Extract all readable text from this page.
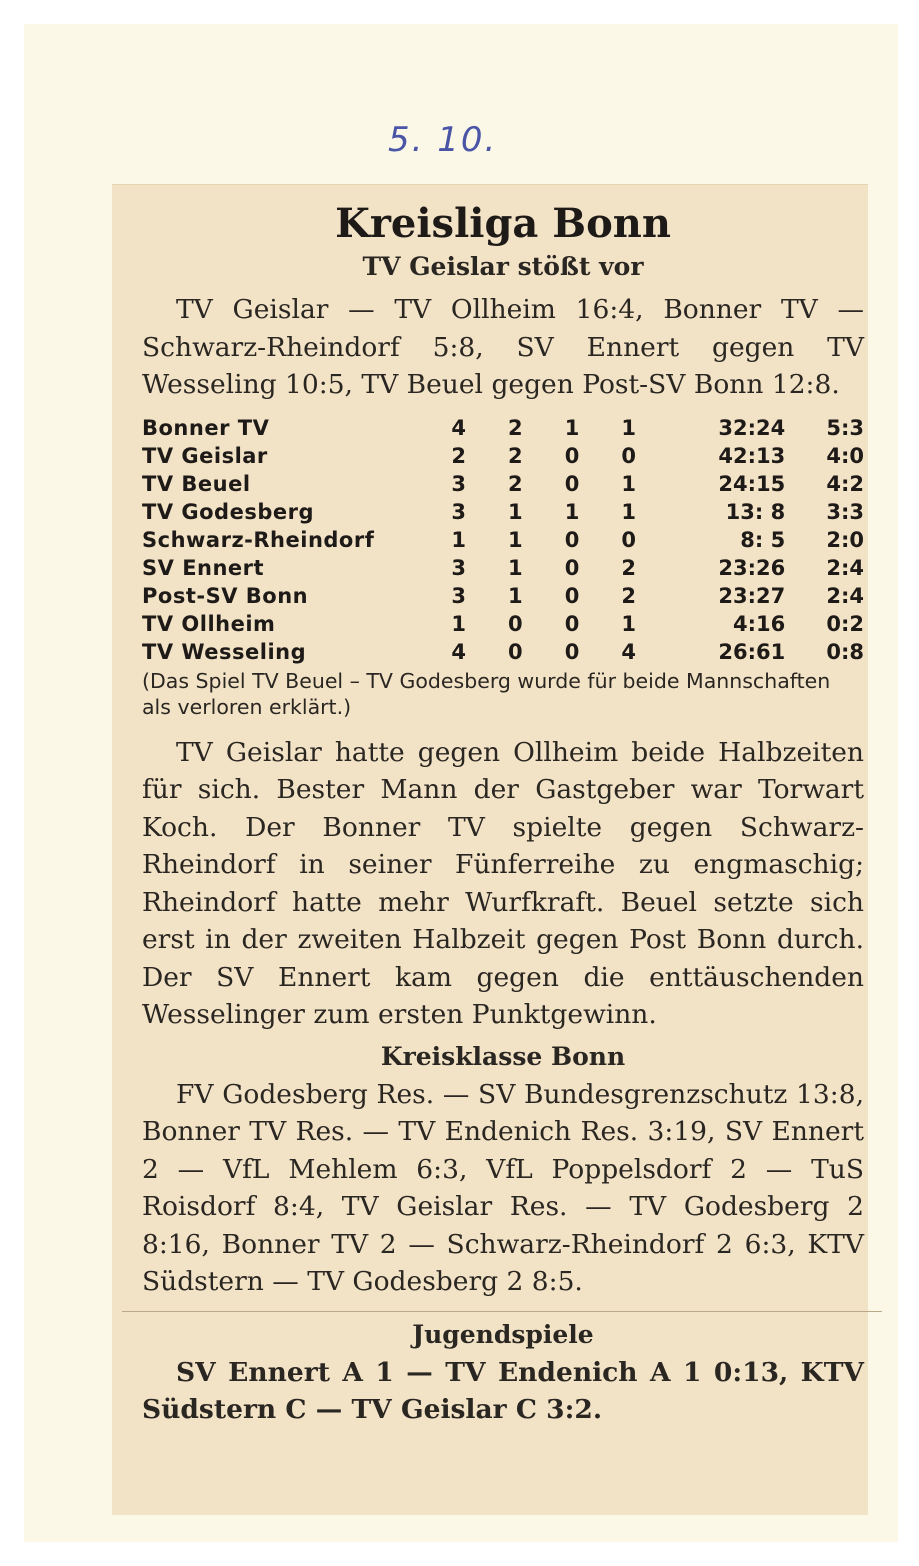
5. 10.
Kreisliga Bonn
TV Geislar stößt vor

TV Geislar — TV Ollheim 16:4, Bonner TV — Schwarz-Rheindorf 5:8, SV Ennert gegen TV Wesseling 10:5, TV Beuel gegen Post-SV Bonn 12:8.

Bonner TV	4	2	1	1	32:24	5:3
TV Geislar	2	2	0	0	42:13	4:0
TV Beuel	3	2	0	1	24:15	4:2
TV Godesberg	3	1	1	1	13: 8	3:3
Schwarz-Rheindorf	1	1	0	0	8: 5	2:0
SV Ennert	3	1	0	2	23:26	2:4
Post-SV Bonn	3	1	0	2	23:27	2:4
TV Ollheim	1	0	0	1	4:16	0:2
TV Wesseling	4	0	0	4	26:61	0:8

(Das Spiel TV Beuel – TV Godesberg wurde für beide Mannschaften als verloren erklärt.)

TV Geislar hatte gegen Ollheim beide Halbzeiten für sich. Bester Mann der Gastgeber war Torwart Koch. Der Bonner TV spielte gegen Schwarz-Rheindorf in seiner Fünferreihe zu engmaschig; Rheindorf hatte mehr Wurfkraft. Beuel setzte sich erst in der zweiten Halbzeit gegen Post Bonn durch. Der SV Ennert kam gegen die enttäuschenden Wesselinger zum ersten Punktgewinn.

Kreisklasse Bonn

FV Godesberg Res. — SV Bundesgrenzschutz 13:8, Bonner TV Res. — TV Endenich Res. 3:19, SV Ennert 2 — VfL Mehlem 6:3, VfL Poppelsdorf 2 — TuS Roisdorf 8:4, TV Geislar Res. — TV Godesberg 2 8:16, Bonner TV 2 — Schwarz-Rheindorf 2 6:3, KTV Südstern — TV Godesberg 2 8:5.

Jugendspiele

SV Ennert A 1 — TV Endenich A 1 0:13, KTV Südstern C — TV Geislar C 3:2.
